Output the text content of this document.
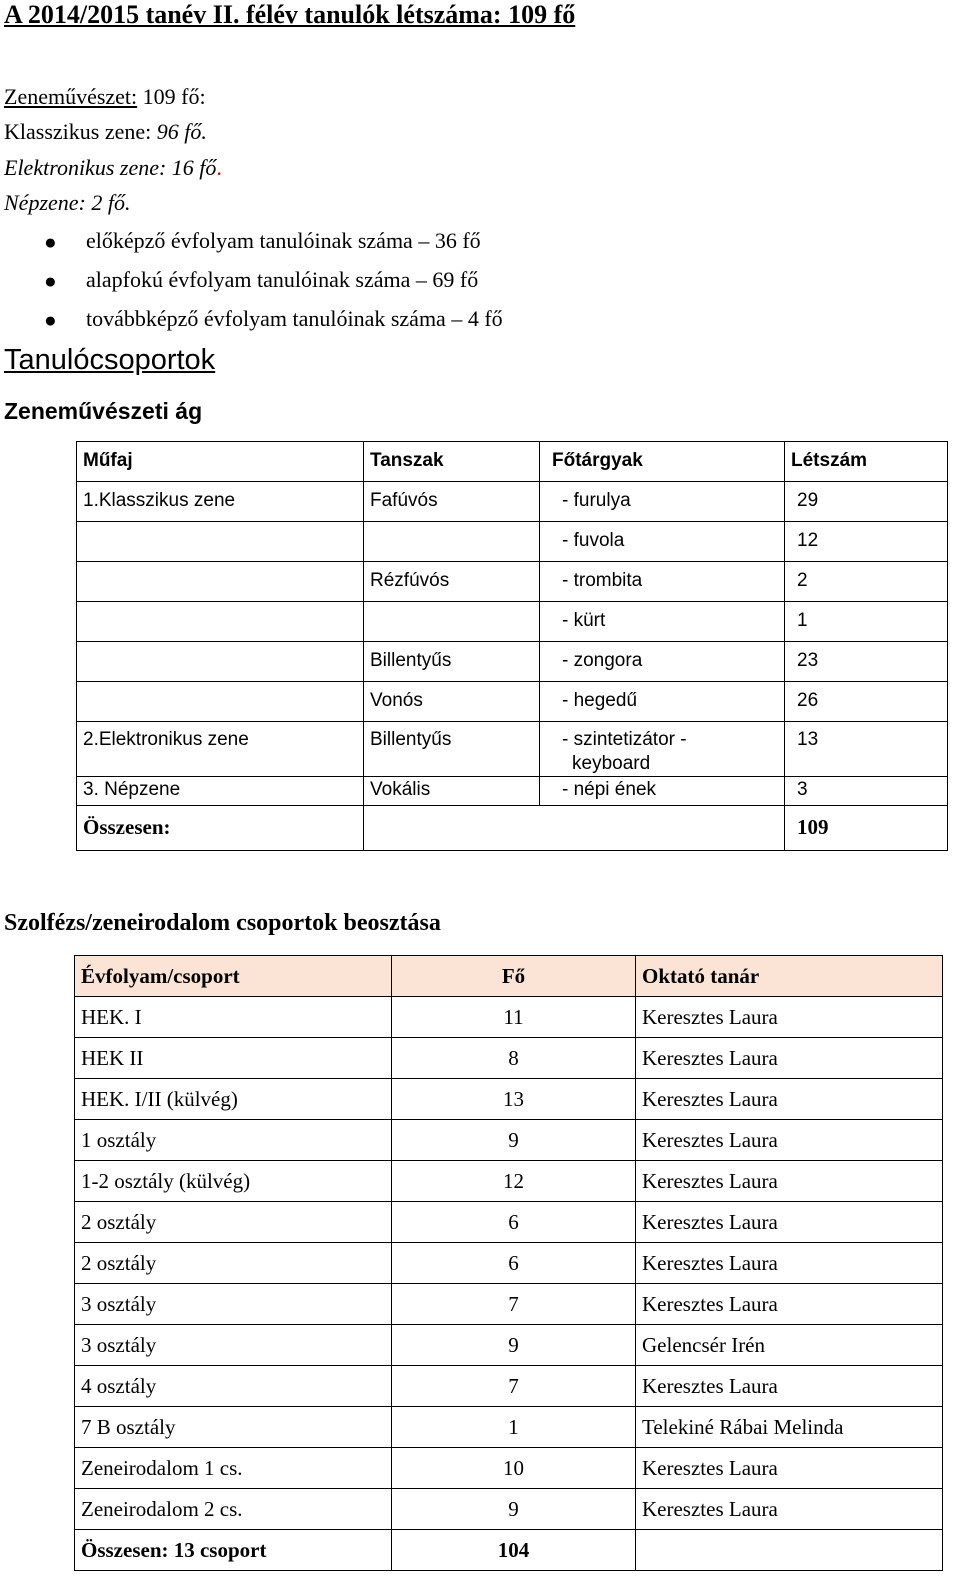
A 2014/2015 tanév II. félév tanulók létszáma: 109 fő
Zeneművészet: 109 fő:
Klasszikus zene: 96 fő.
Elektronikus zene: 16 fő.
Népzene: 2 fő.
● előképző évfolyam tanulóinak száma – 36 fő
● alapfokú évfolyam tanulóinak száma – 69 fő
● továbbképző évfolyam tanulóinak száma – 4 fő
Tanulócsoportok
Zeneművészeti ág
Műfaj	Tanszak	Főtárgyak	Létszám
1.Klasszikus zene	Fafúvós	- furulya	29
		- fuvola	12
	Rézfúvós	- trombita	2
		- kürt	1
	Billentyűs	- zongora	23
	Vonós	- hegedű	26
2.Elektronikus zene	Billentyűs	- szintetizátor -
keyboard	13
3. Népzene	Vokális	- népi ének	3
Összesen:			109
Szolfézs/zeneirodalom csoportok beosztása
Évfolyam/csoport	Fő	Oktató tanár
HEK. I	11	Keresztes Laura
HEK II	8	Keresztes Laura
HEK. I/II (külvég)	13	Keresztes Laura
1 osztály	9	Keresztes Laura
1-2 osztály (külvég)	12	Keresztes Laura
2 osztály	6	Keresztes Laura
2 osztály	6	Keresztes Laura
3 osztály	7	Keresztes Laura
3 osztály	9	Gelencsér Irén
4 osztály	7	Keresztes Laura
7 B osztály	1	Telekiné Rábai Melinda
Zeneirodalom 1 cs.	10	Keresztes Laura
Zeneirodalom 2 cs.	9	Keresztes Laura
Összesen: 13 csoport	104	
